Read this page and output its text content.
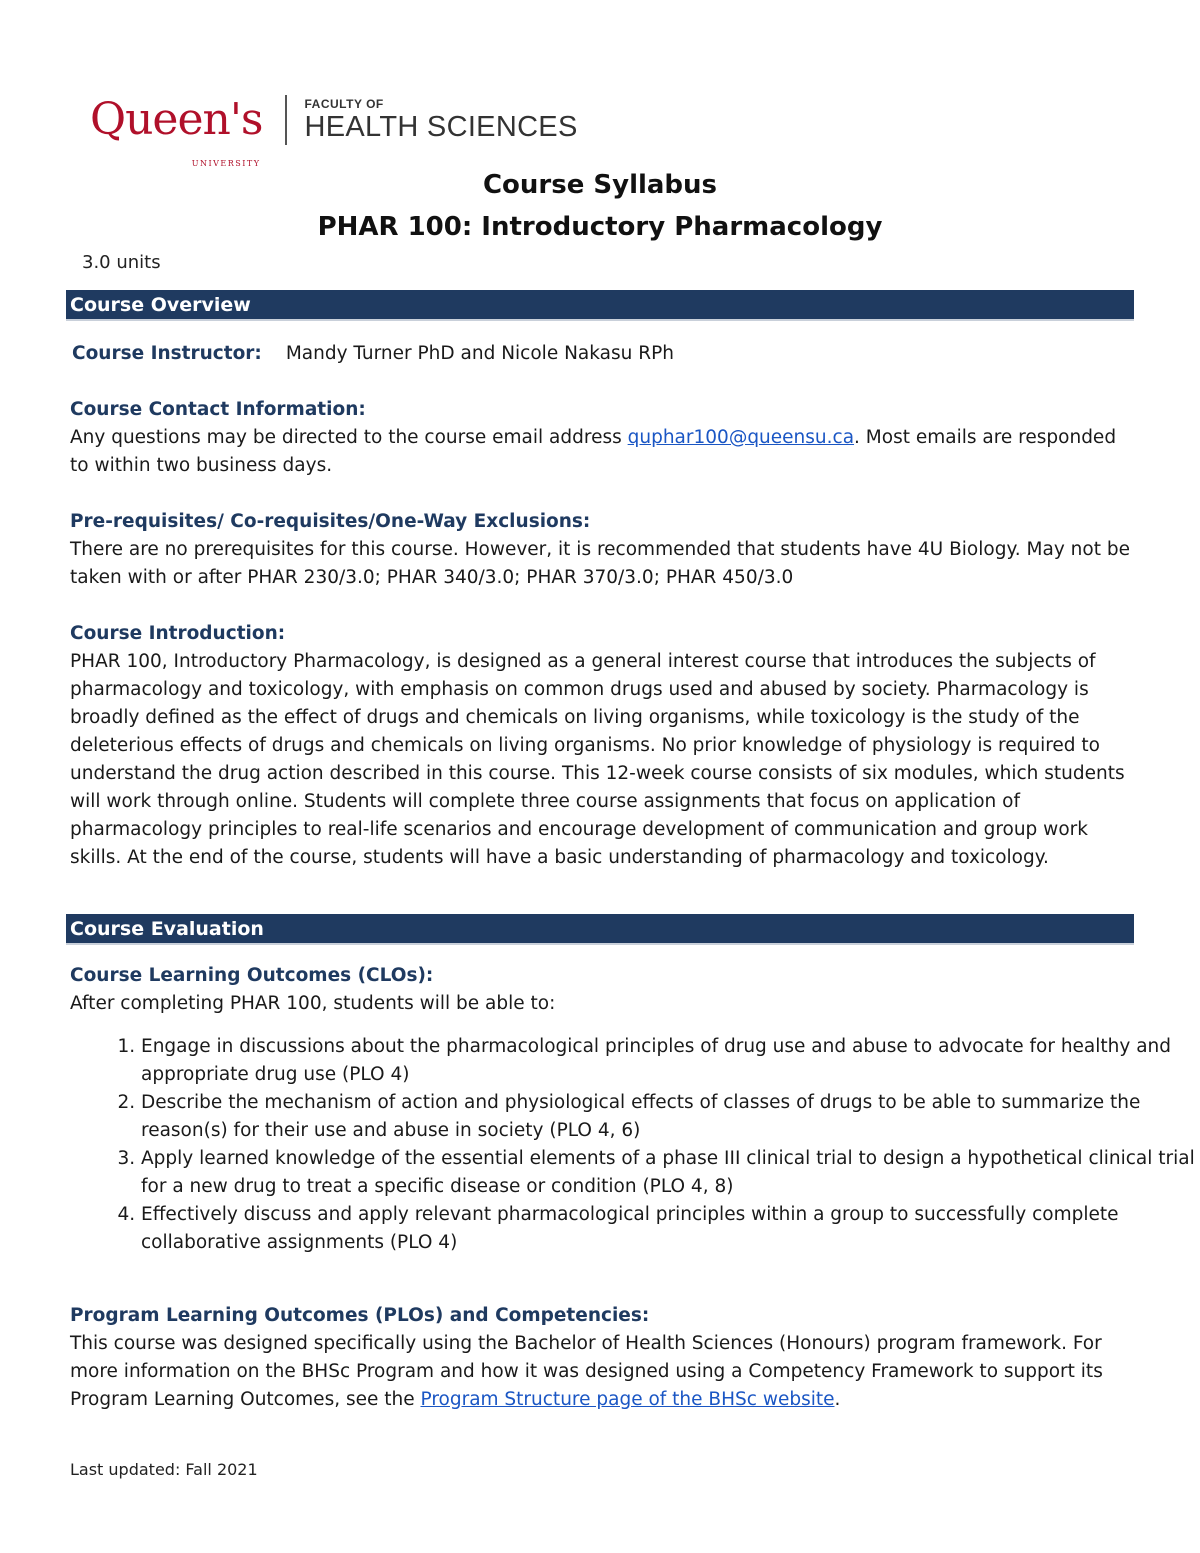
Queen's
UNIVERSITY
FACULTY OF
HEALTH SCIENCES
Course Syllabus
PHAR 100: Introductory Pharmacology
3.0 units
Course Overview
Course Instructor: Mandy Turner PhD and Nicole Nakasu RPh
Course Contact Information:
Any questions may be directed to the course email address quphar100@queensu.ca. Most emails are responded to within two business days.
Pre-requisites/ Co-requisites/One-Way Exclusions:
There are no prerequisites for this course. However, it is recommended that students have 4U Biology. May not be taken with or after PHAR 230/3.0; PHAR 340/3.0; PHAR 370/3.0; PHAR 450/3.0
Course Introduction:
PHAR 100, Introductory Pharmacology, is designed as a general interest course that introduces the subjects of pharmacology and toxicology, with emphasis on common drugs used and abused by society. Pharmacology is broadly defined as the effect of drugs and chemicals on living organisms, while toxicology is the study of the deleterious effects of drugs and chemicals on living organisms. No prior knowledge of physiology is required to understand the drug action described in this course. This 12-week course consists of six modules, which students will work through online. Students will complete three course assignments that focus on application of pharmacology principles to real-life scenarios and encourage development of communication and group work skills. At the end of the course, students will have a basic understanding of pharmacology and toxicology.
Course Evaluation
Course Learning Outcomes (CLOs):
After completing PHAR 100, students will be able to:
1. Engage in discussions about the pharmacological principles of drug use and abuse to advocate for healthy and appropriate drug use (PLO 4)
2. Describe the mechanism of action and physiological effects of classes of drugs to be able to summarize the reason(s) for their use and abuse in society (PLO 4, 6)
3. Apply learned knowledge of the essential elements of a phase III clinical trial to design a hypothetical clinical trial for a new drug to treat a specific disease or condition (PLO 4, 8)
4. Effectively discuss and apply relevant pharmacological principles within a group to successfully complete collaborative assignments (PLO 4)
Program Learning Outcomes (PLOs) and Competencies:
This course was designed specifically using the Bachelor of Health Sciences (Honours) program framework. For more information on the BHSc Program and how it was designed using a Competency Framework to support its Program Learning Outcomes, see the Program Structure page of the BHSc website.
Last updated: Fall 2021
